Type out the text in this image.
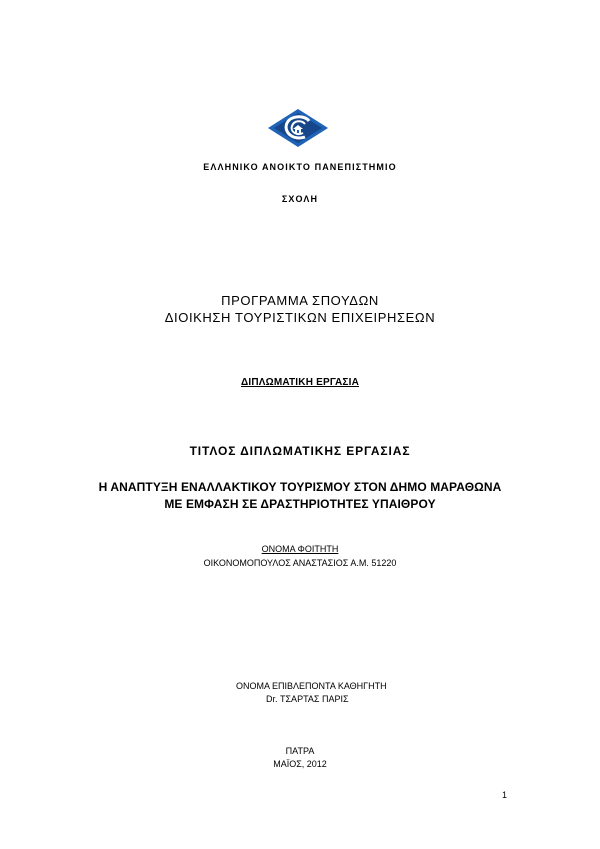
ΕΛΛΗΝΙΚΟ ΑΝΟΙΚΤΟ ΠΑΝΕΠΙΣΤΗΜΙΟ
ΣΧΟΛΗ
ΠΡΟΓΡΑΜΜΑ ΣΠΟΥΔΩΝ
ΔΙΟΙΚΗΣΗ ΤΟΥΡΙΣΤΙΚΩΝ ΕΠΙΧΕΙΡΗΣΕΩΝ
ΔΙΠΛΩΜΑΤΙΚΗ ΕΡΓΑΣΙΑ
ΤΙΤΛΟΣ ΔΙΠΛΩΜΑΤΙΚΗΣ ΕΡΓΑΣΙΑΣ
Η ΑΝΑΠΤΥΞΗ ΕΝΑΛΛΑΚΤΙΚΟΥ ΤΟΥΡΙΣΜΟΥ ΣΤΟΝ ΔΗΜΟ ΜΑΡΑΘΩΝΑ
ΜΕ ΕΜΦΑΣΗ ΣΕ ΔΡΑΣΤΗΡΙΟΤΗΤΕΣ ΥΠΑΙΘΡΟΥ
ΟΝΟΜΑ ΦΟΙΤΗΤΗ
ΟΙΚΟΝΟΜΟΠΟΥΛΟΣ ΑΝΑΣΤΑΣΙΟΣ Α.Μ. 51220
ΟΝΟΜΑ ΕΠΙΒΛΕΠΟΝΤΑ ΚΑΘΗΓΗΤΗ
Dr. ΤΣΑΡΤΑΣ ΠΑΡΙΣ
ΠΑΤΡΑ
ΜΑΪΟΣ, 2012
1
